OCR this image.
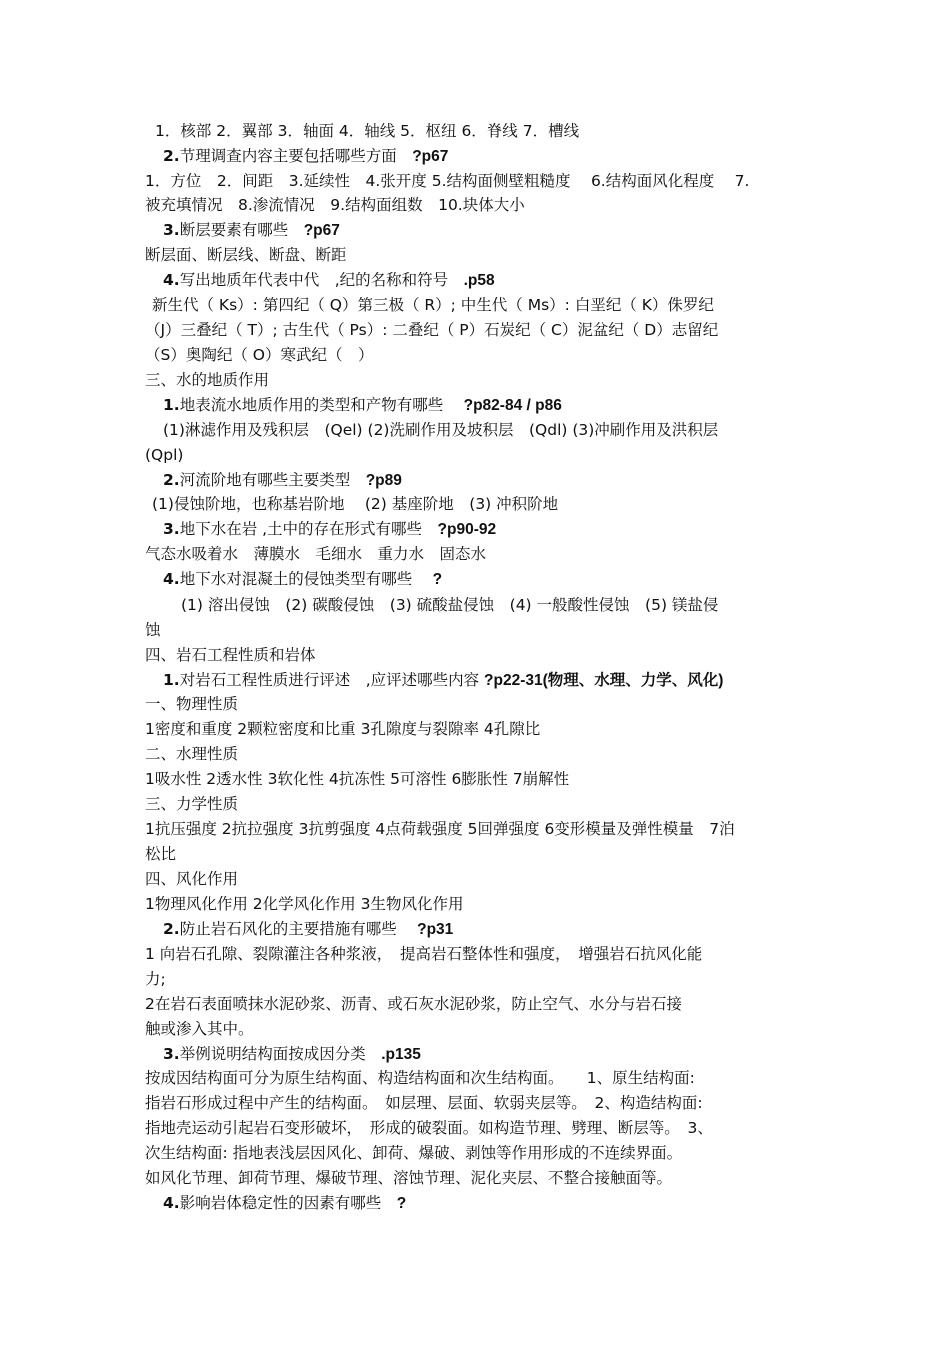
1．核部 2．翼部 3．轴面 4．轴线 5．枢纽 6．脊线 7．槽线
2.节理调查内容主要包括哪些方面　?p67
1．方位　2．间距　3.延续性　4.张开度 5.结构面侧壁粗糙度　 6.结构面风化程度　 7.
被充填情况　8.渗流情况　9.结构面组数　10.块体大小
3.断层要素有哪些　?p67
断层面、断层线、断盘、断距
4.写出地质年代表中代　,纪的名称和符号　.p58
新生代（ Ks）: 第四纪（ Q）第三极（ R）; 中生代（ Ms）: 白垩纪（ K）侏罗纪
（J）三叠纪（ T）; 古生代（ Ps）: 二叠纪（ P）石炭纪（ C）泥盆纪（ D）志留纪
（S）奥陶纪（ O）寒武纪（　）
三、水的地质作用
1.地表流水地质作用的类型和产物有哪些　 ?p82-84 / p86
(1)淋滤作用及残积层　(Qel) (2)洗刷作用及坡积层　(Qdl) (3)冲刷作用及洪积层
(Qpl)
2.河流阶地有哪些主要类型　?p89
(1)侵蚀阶地，也称基岩阶地　 (2) 基座阶地　(3) 冲积阶地
3.地下水在岩 ,土中的存在形式有哪些　?p90-92
气态水吸着水　薄膜水　毛细水　重力水　固态水
4.地下水对混凝土的侵蚀类型有哪些　 ?
(1) 溶出侵蚀　(2) 碳酸侵蚀　(3) 硫酸盐侵蚀　(4) 一般酸性侵蚀　(5) 镁盐侵
蚀
四、岩石工程性质和岩体
1.对岩石工程性质进行评述　,应评述哪些内容 ?p22-31(物理、水理、力学、风化)
一、物理性质
1密度和重度 2颗粒密度和比重 3孔隙度与裂隙率 4孔隙比
二、水理性质
1吸水性 2透水性 3软化性 4抗冻性 5可溶性 6膨胀性 7崩解性
三、力学性质
1抗压强度 2抗拉强度 3抗剪强度 4点荷载强度 5回弹强度 6变形模量及弹性模量　7泊
松比
四、风化作用
1物理风化作用 2化学风化作用 3生物风化作用
2.防止岩石风化的主要措施有哪些　 ?p31
1 向岩石孔隙、裂隙灌注各种浆液，　提高岩石整体性和强度，　增强岩石抗风化能
力;
2在岩石表面喷抹水泥砂浆、沥青、或石灰水泥砂浆，防止空气、水分与岩石接
触或渗入其中。
3.举例说明结构面按成因分类　.p135
按成因结构面可分为原生结构面、构造结构面和次生结构面。　　1、原生结构面:
指岩石形成过程中产生的结构面。　如层理、层面、软弱夹层等。　2、构造结构面:
指地壳运动引起岩石变形破坏，　形成的破裂面。如构造节理、劈理、断层等。　3、
次生结构面: 指地表浅层因风化、卸荷、爆破、剥蚀等作用形成的不连续界面。
如风化节理、卸荷节理、爆破节理、溶蚀节理、泥化夹层、不整合接触面等。
4.影响岩体稳定性的因素有哪些　?
